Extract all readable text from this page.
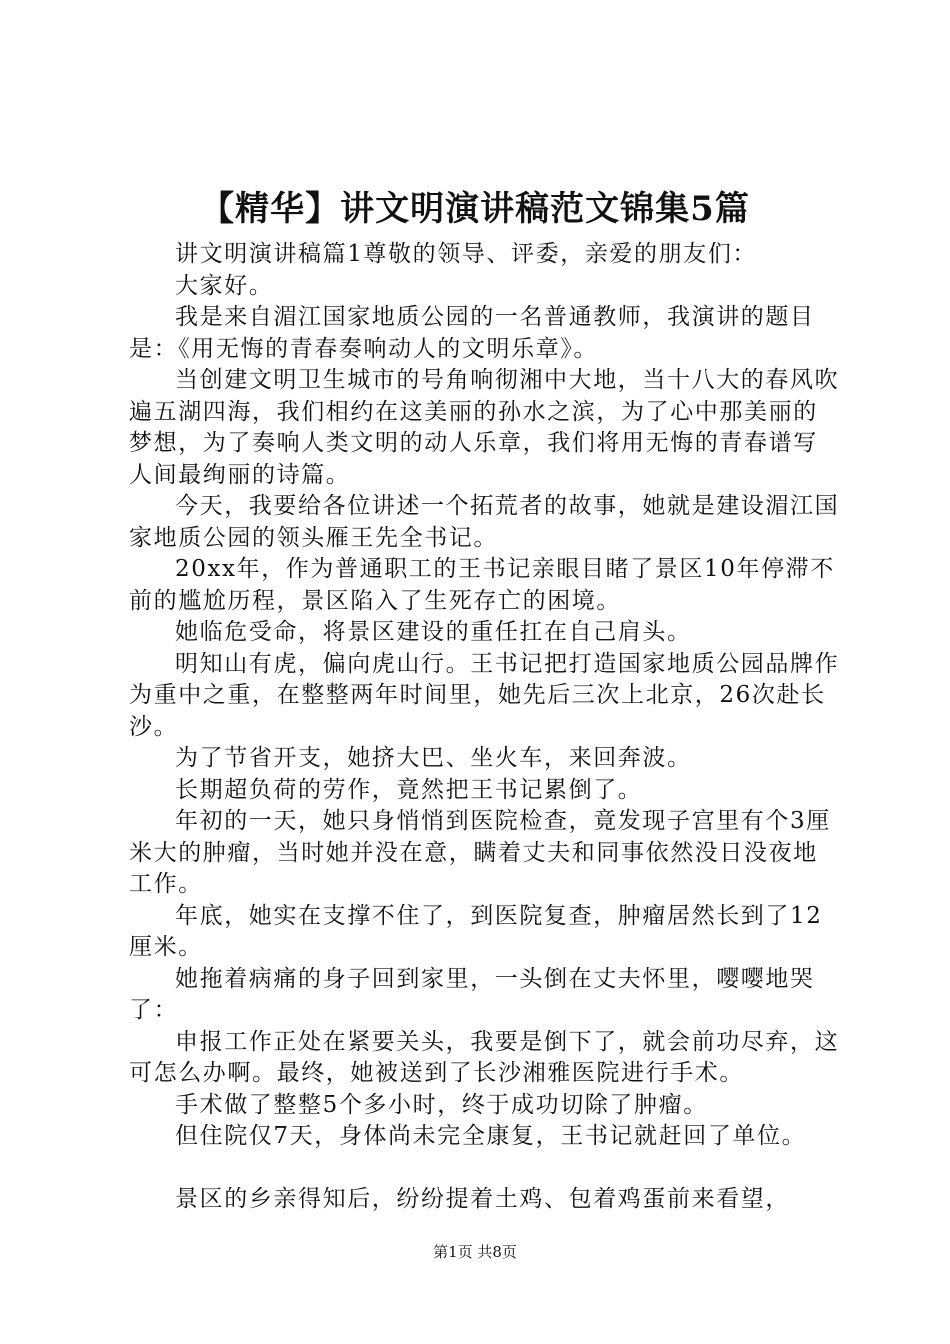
【精华】讲文明演讲稿范文锦集5篇

讲文明演讲稿篇1尊敬的领导、评委，亲爱的朋友们：

大家好。

我是来自湄江国家地质公园的一名普通教师，我演讲的题目是：《用无悔的青春奏响动人的文明乐章》。

当创建文明卫生城市的号角响彻湘中大地，当十八大的春风吹遍五湖四海，我们相约在这美丽的孙水之滨，为了心中那美丽的梦想，为了奏响人类文明的动人乐章，我们将用无悔的青春谱写人间最绚丽的诗篇。

今天，我要给各位讲述一个拓荒者的故事，她就是建设湄江国家地质公园的领头雁王先全书记。

20xx年，作为普通职工的王书记亲眼目睹了景区10年停滞不前的尴尬历程，景区陷入了生死存亡的困境。

她临危受命，将景区建设的重任扛在自己肩头。

明知山有虎，偏向虎山行。王书记把打造国家地质公园品牌作为重中之重，在整整两年时间里，她先后三次上北京，26次赴长沙。

为了节省开支，她挤大巴、坐火车，来回奔波。

长期超负荷的劳作，竟然把王书记累倒了。

年初的一天，她只身悄悄到医院检查，竟发现子宫里有个3厘米大的肿瘤，当时她并没在意，瞒着丈夫和同事依然没日没夜地工作。

年底，她实在支撑不住了，到医院复查，肿瘤居然长到了12厘米。

她拖着病痛的身子回到家里，一头倒在丈夫怀里，嘤嘤地哭了：

申报工作正处在紧要关头，我要是倒下了，就会前功尽弃，这可怎么办啊。最终，她被送到了长沙湘雅医院进行手术。

手术做了整整5个多小时，终于成功切除了肿瘤。

但住院仅7天，身体尚未完全康复，王书记就赶回了单位。

景区的乡亲得知后，纷纷提着土鸡、包着鸡蛋前来看望，

第1页 共8页
